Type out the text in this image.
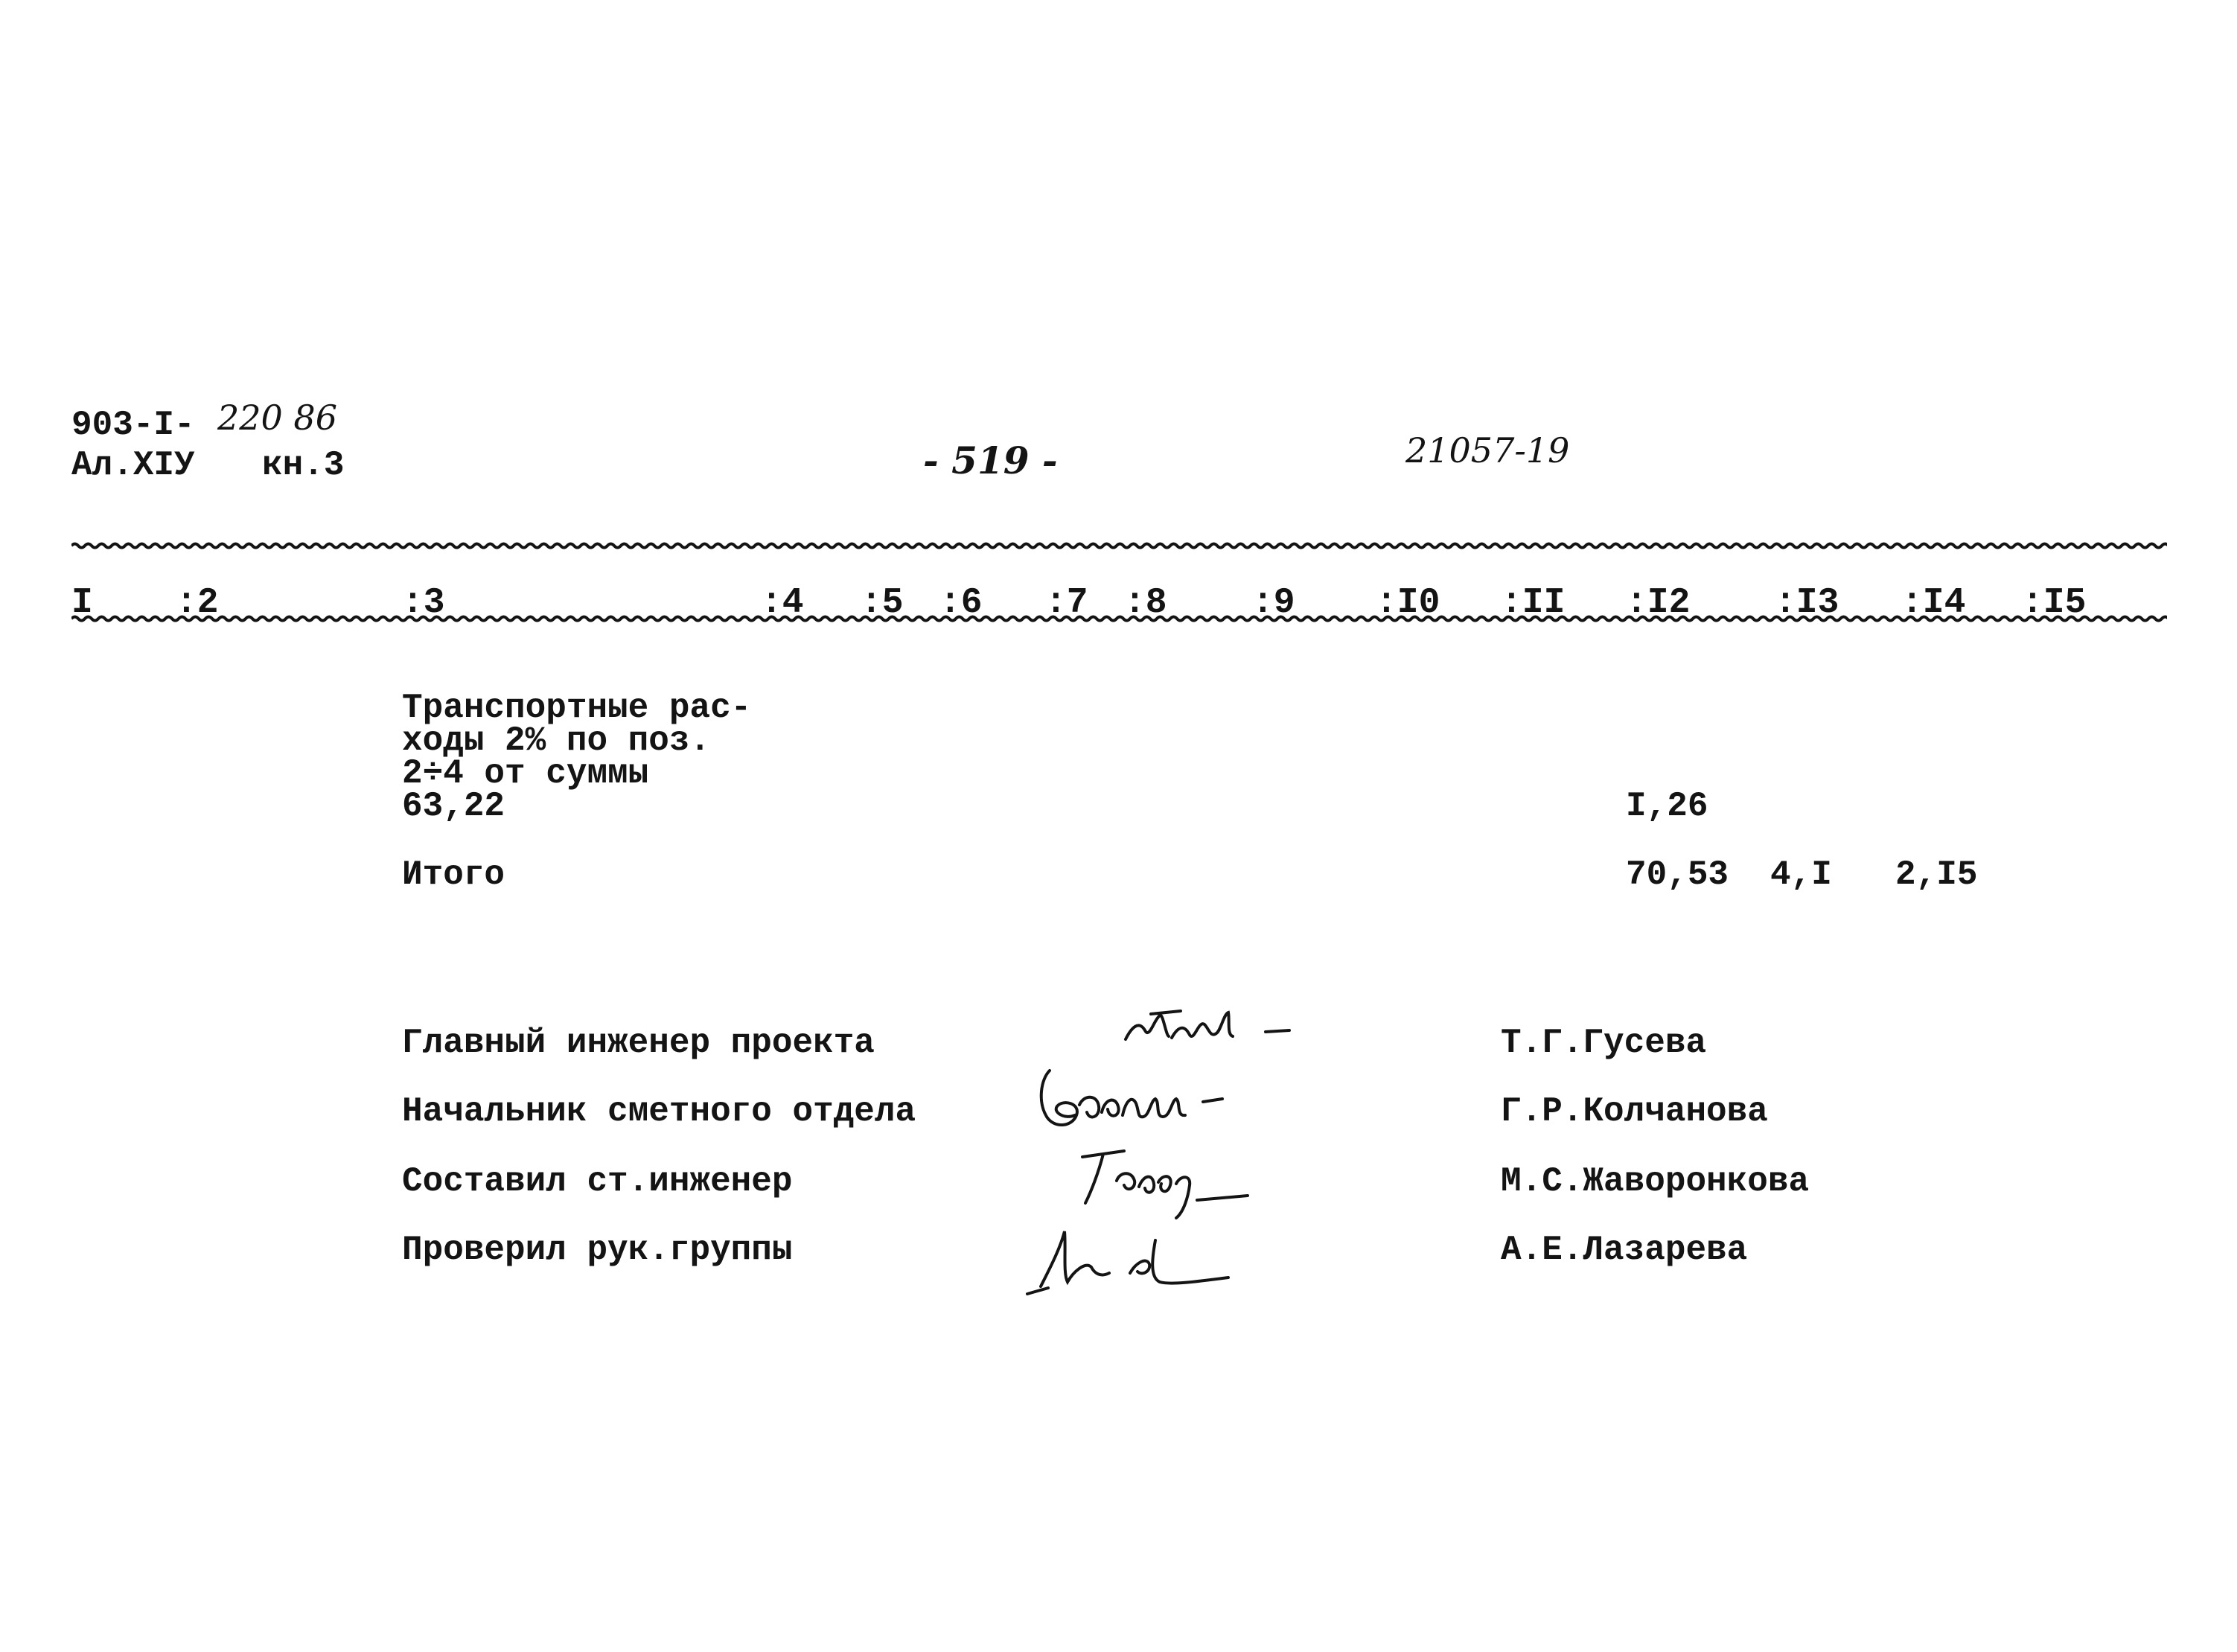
903-I- 220 86
Ал.XIУ кн.3	- 519 -	21057-19
I :2	:3	:4 :5 :6 :7 :8 :9 :I0 :II :I2 :I3 :I4 :I5
Транспортные рас-
ходы 2% по поз.
2÷4 от суммы
63,22	I,26
Итого	70,53 4,I 2,I5
Главный инженер проекта	Т.Г.Гусева
Начальник сметного отдела	Г.Р.Колчанова
Составил ст.инженер	М.С.Жаворонкова
Проверил рук.группы	А.Е.Лазарева
